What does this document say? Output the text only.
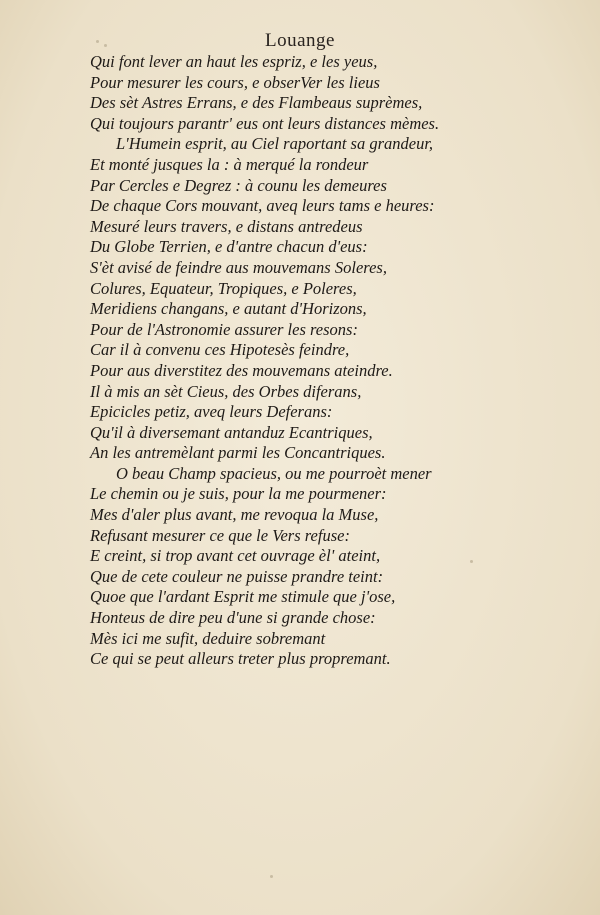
Louange
Qui font lever an haut les espriz, e les yeus,
Pour mesurer les cours, e obserVer les lieus
Des sèt Astres Errans, e des Flambeaus suprèmes,
Qui toujours parantr' eus ont leurs distances mèmes.
L'Humein esprit, au Ciel raportant sa grandeur,
Et monté jusques la : à merqué la rondeur
Par Cercles e Degrez : à counu les demeures
De chaque Cors mouvant, aveq leurs tams e heures:
Mesuré leurs travers, e distans antredeus
Du Globe Terrien, e d'antre chacun d'eus:
S'èt avisé de feindre aus mouvemans Soleres,
Colures, Equateur, Tropiques, e Poleres,
Meridiens changans, e autant d'Horizons,
Pour de l'Astronomie assurer les resons:
Car il à convenu ces Hipotesès feindre,
Pour aus diverstitez des mouvemans ateindre.
Il à mis an sèt Cieus, des Orbes diferans,
Epicicles petiz, aveq leurs Deferans:
Qu'il à diversemant antanduz Ecantriques,
An les antremèlant parmi les Concantriques.
O beau Champ spacieus, ou me pourroèt mener
Le chemin ou je suis, pour la me pourmener:
Mes d'aler plus avant, me revoqua la Muse,
Refusant mesurer ce que le Vers refuse:
E creint, si trop avant cet ouvrage èl' ateint,
Que de cete couleur ne puisse prandre teint:
Quoe que l'ardant Esprit me stimule que j'ose,
Honteus de dire peu d'une si grande chose:
Mès ici me sufit, deduire sobremant
Ce qui se peut alleurs treter plus propremant.
